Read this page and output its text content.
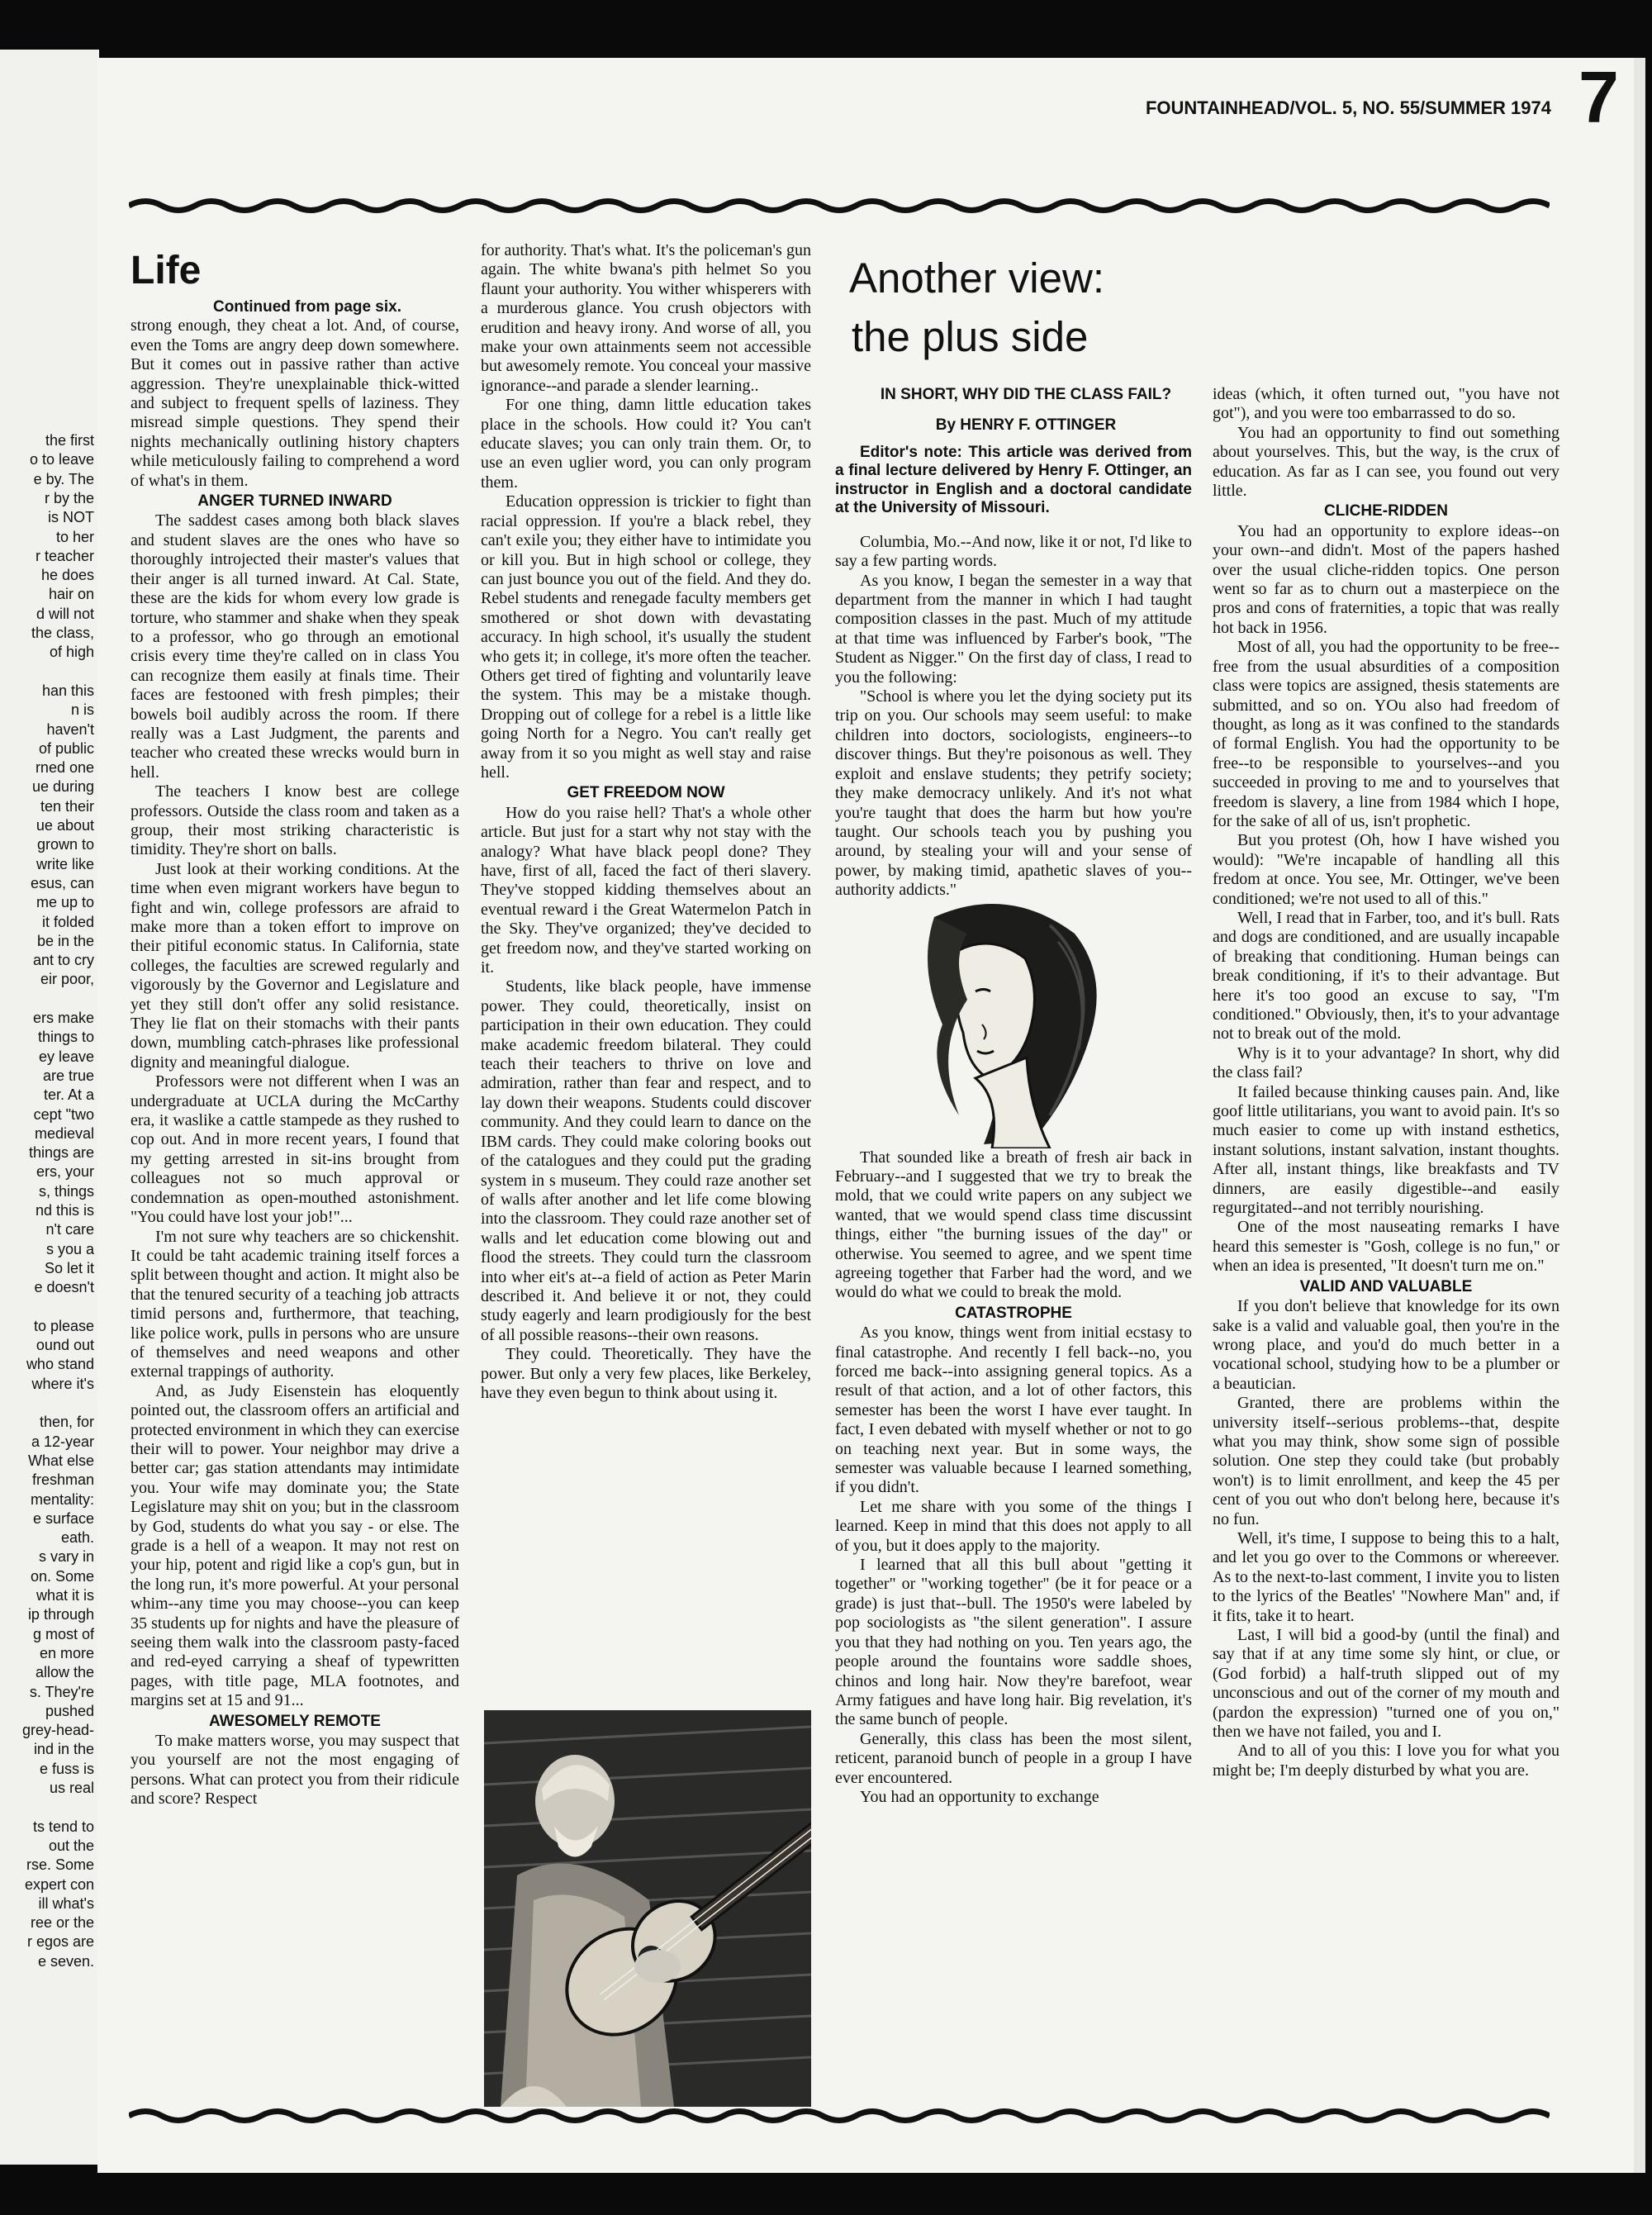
the first

o to leave

e by. The

r by the

is NOT

to her

r teacher

he does

hair on

d will not

the class,

of high

han this

n is

haven't

of public

rned one

ue during

ten their

ue about

grown to

write like

esus, can

me up to

it folded

be in the

ant to cry

eir poor,

ers make

things to

ey leave

are true

ter. At a

cept "two

medieval

things are

ers, your

s, things

nd this is

n't care

s you a

So let it

e doesn't

to please

ound out

who stand

where it's

then, for

a 12-year

What else

freshman

mentality:

e surface

eath.

s vary in

on. Some

what it is

ip through

g most of

en more

allow the

s. They're

pushed

grey-head-

ind in the

e fuss is

us real

ts tend to

out the

rse. Some

expert con

ill what's

ree or the

r egos are

e seven.

FOUNTAINHEAD/VOL. 5, NO. 55/SUMMER 1974 7
Life

Continued from page six.

strong enough, they cheat a lot. And, of course, even the Toms are angry deep down somewhere. But it comes out in passive rather than active aggression. They're unexplainable thick-witted and subject to frequent spells of laziness. They misread simple questions. They spend their nights mechanically outlining history chapters while meticulously failing to comprehend a word of what's in them.

ANGER TURNED INWARD

The saddest cases among both black slaves and student slaves are the ones who have so thoroughly introjected their master's values that their anger is all turned inward. At Cal. State, these are the kids for whom every low grade is torture, who stammer and shake when they speak to a professor, who go through an emotional crisis every time they're called on in class You can recognize them easily at finals time. Their faces are festooned with fresh pimples; their bowels boil audibly across the room. If there really was a Last Judgment, the parents and teacher who created these wrecks would burn in hell.

The teachers I know best are college professors. Outside the class room and taken as a group, their most striking characteristic is timidity. They're short on balls.

Just look at their working conditions. At the time when even migrant workers have begun to fight and win, college professors are afraid to make more than a token effort to improve on their pitiful economic status. In California, state colleges, the faculties are screwed regularly and vigorously by the Governor and Legislature and yet they still don't offer any solid resistance. They lie flat on their stomachs with their pants down, mumbling catch-phrases like professional dignity and meaningful dialogue.

Professors were not different when I was an undergraduate at UCLA during the McCarthy era, it waslike a cattle stampede as they rushed to cop out. And in more recent years, I found that my getting arrested in sit-ins brought from colleagues not so much approval or condemnation as open-mouthed astonishment. "You could have lost your job!"...

I'm not sure why teachers are so chickenshit. It could be taht academic training itself forces a split between thought and action. It might also be that the tenured security of a teaching job attracts timid persons and, furthermore, that teaching, like police work, pulls in persons who are unsure of themselves and need weapons and other external trappings of authority.

And, as Judy Eisenstein has eloquently pointed out, the classroom offers an artificial and protected environment in which they can exercise their will to power. Your neighbor may drive a better car; gas station attendants may intimidate you. Your wife may dominate you; the State Legislature may shit on you; but in the classroom by God, students do what you say - or else. The grade is a hell of a weapon. It may not rest on your hip, potent and rigid like a cop's gun, but in the long run, it's more powerful. At your personal whim--any time you may choose--you can keep 35 students up for nights and have the pleasure of seeing them walk into the classroom pasty-faced and red-eyed carrying a sheaf of typewritten pages, with title page, MLA footnotes, and margins set at 15 and 91...

AWESOMELY REMOTE

To make matters worse, you may suspect that you yourself are not the most engaging of persons. What can protect you from their ridicule and score? Respect

for authority. That's what. It's the policeman's gun again. The white bwana's pith helmet So you flaunt your authority. You wither whisperers with a murderous glance. You crush objectors with erudition and heavy irony. And worse of all, you make your own attainments seem not accessible but awesomely remote. You conceal your massive ignorance--and parade a slender learning..

For one thing, damn little education takes place in the schools. How could it? You can't educate slaves; you can only train them. Or, to use an even uglier word, you can only program them.

Education oppression is trickier to fight than racial oppression. If you're a black rebel, they can't exile you; they either have to intimidate you or kill you. But in high school or college, they can just bounce you out of the field. And they do. Rebel students and renegade faculty members get smothered or shot down with devastating accuracy. In high school, it's usually the student who gets it; in college, it's more often the teacher. Others get tired of fighting and voluntarily leave the system. This may be a mistake though. Dropping out of college for a rebel is a little like going North for a Negro. You can't really get away from it so you might as well stay and raise hell.

GET FREEDOM NOW

How do you raise hell? That's a whole other article. But just for a start why not stay with the analogy? What have black peopl done? They have, first of all, faced the fact of theri slavery. They've stopped kidding themselves about an eventual reward i the Great Watermelon Patch in the Sky. They've organized; they've decided to get freedom now, and they've started working on it.

Students, like black people, have immense power. They could, theoretically, insist on participation in their own education. They could make academic freedom bilateral. They could teach their teachers to thrive on love and admiration, rather than fear and respect, and to lay down their weapons. Students could discover community. And they could learn to dance on the IBM cards. They could make coloring books out of the catalogues and they could put the grading system in s museum. They could raze another set of walls after another and let life come blowing into the classroom. They could raze another set of walls and let education come blowing out and flood the streets. They could turn the classroom into wher eit's at--a field of action as Peter Marin described it. And believe it or not, they could study eagerly and learn prodigiously for the best of all possible reasons--their own reasons.

They could. Theoretically. They have the power. But only a very few places, like Berkeley, have they even begun to think about using it.

Another view:
the plus side

IN SHORT, WHY DID THE CLASS FAIL?

By HENRY F. OTTINGER

Editor's note: This article was derived from a final lecture delivered by Henry F. Ottinger, an instructor in English and a doctoral candidate at the University of Missouri.

Columbia, Mo.--And now, like it or not, I'd like to say a few parting words.

As you know, I began the semester in a way that department from the manner in which I had taught composition classes in the past. Much of my attitude at that time was influenced by Farber's book, "The Student as Nigger." On the first day of class, I read to you the following:

"School is where you let the dying society put its trip on you. Our schools may seem useful: to make children into doctors, sociologists, engineers--to discover things. But they're poisonous as well. They exploit and enslave students; they petrify society; they make democracy unlikely. And it's not what you're taught that does the harm but how you're taught. Our schools teach you by pushing you around, by stealing your will and your sense of power, by making timid, apathetic slaves of you--authority addicts."

That sounded like a breath of fresh air back in February--and I suggested that we try to break the mold, that we could write papers on any subject we wanted, that we would spend class time discussint things, either "the burning issues of the day" or otherwise. You seemed to agree, and we spent time agreeing together that Farber had the word, and we would do what we could to break the mold.

CATASTROPHE

As you know, things went from initial ecstasy to final catastrophe. And recently I fell back--no, you forced me back--into assigning general topics. As a result of that action, and a lot of other factors, this semester has been the worst I have ever taught. In fact, I even debated with myself whether or not to go on teaching next year. But in some ways, the semester was valuable because I learned something, if you didn't.

Let me share with you some of the things I learned. Keep in mind that this does not apply to all of you, but it does apply to the majority.

I learned that all this bull about "getting it together" or "working together" (be it for peace or a grade) is just that--bull. The 1950's were labeled by pop sociologists as "the silent generation". I assure you that they had nothing on you. Ten years ago, the people around the fountains wore saddle shoes, chinos and long hair. Now they're barefoot, wear Army fatigues and have long hair. Big revelation, it's the same bunch of people.

Generally, this class has been the most silent, reticent, paranoid bunch of people in a group I have ever encountered.

You had an opportunity to exchange

ideas (which, it often turned out, "you have not got"), and you were too embarrassed to do so.

You had an opportunity to find out something about yourselves. This, but the way, is the crux of education. As far as I can see, you found out very little.

CLICHE-RIDDEN

You had an opportunity to explore ideas--on your own--and didn't. Most of the papers hashed over the usual cliche-ridden topics. One person went so far as to churn out a masterpiece on the pros and cons of fraternities, a topic that was really hot back in 1956.

Most of all, you had the opportunity to be free--free from the usual absurdities of a composition class were topics are assigned, thesis statements are submitted, and so on. YOu also had freedom of thought, as long as it was confined to the standards of formal English. You had the opportunity to be free--to be responsible to yourselves--and you succeeded in proving to me and to yourselves that freedom is slavery, a line from 1984 which I hope, for the sake of all of us, isn't prophetic.

But you protest (Oh, how I have wished you would): "We're incapable of handling all this fredom at once. You see, Mr. Ottinger, we've been conditioned; we're not used to all of this."

Well, I read that in Farber, too, and it's bull. Rats and dogs are conditioned, and are usually incapable of breaking that conditioning. Human beings can break conditioning, if it's to their advantage. But here it's too good an excuse to say, "I'm conditioned." Obviously, then, it's to your advantage not to break out of the mold.

Why is it to your advantage? In short, why did the class fail?

It failed because thinking causes pain. And, like goof little utilitarians, you want to avoid pain. It's so much easier to come up with instand esthetics, instant solutions, instant salvation, instant thoughts. After all, instant things, like breakfasts and TV dinners, are easily digestible--and easily regurgitated--and not terribly nourishing.

One of the most nauseating remarks I have heard this semester is "Gosh, college is no fun," or when an idea is presented, "It doesn't turn me on."

VALID AND VALUABLE

If you don't believe that knowledge for its own sake is a valid and valuable goal, then you're in the wrong place, and you'd do much better in a vocational school, studying how to be a plumber or a beautician.

Granted, there are problems within the university itself--serious problems--that, despite what you may think, show some sign of possible solution. One step they could take (but probably won't) is to limit enrollment, and keep the 45 per cent of you out who don't belong here, because it's no fun.

Well, it's time, I suppose to being this to a halt, and let you go over to the Commons or whereever. As to the next-to-last comment, I invite you to listen to the lyrics of the Beatles' "Nowhere Man" and, if it fits, take it to heart.

Last, I will bid a good-by (until the final) and say that if at any time some sly hint, or clue, or (God forbid) a half-truth slipped out of my unconscious and out of the corner of my mouth and (pardon the expression) "turned one of you on," then we have not failed, you and I.

And to all of you this: I love you for what you might be; I'm deeply disturbed by what you are.
